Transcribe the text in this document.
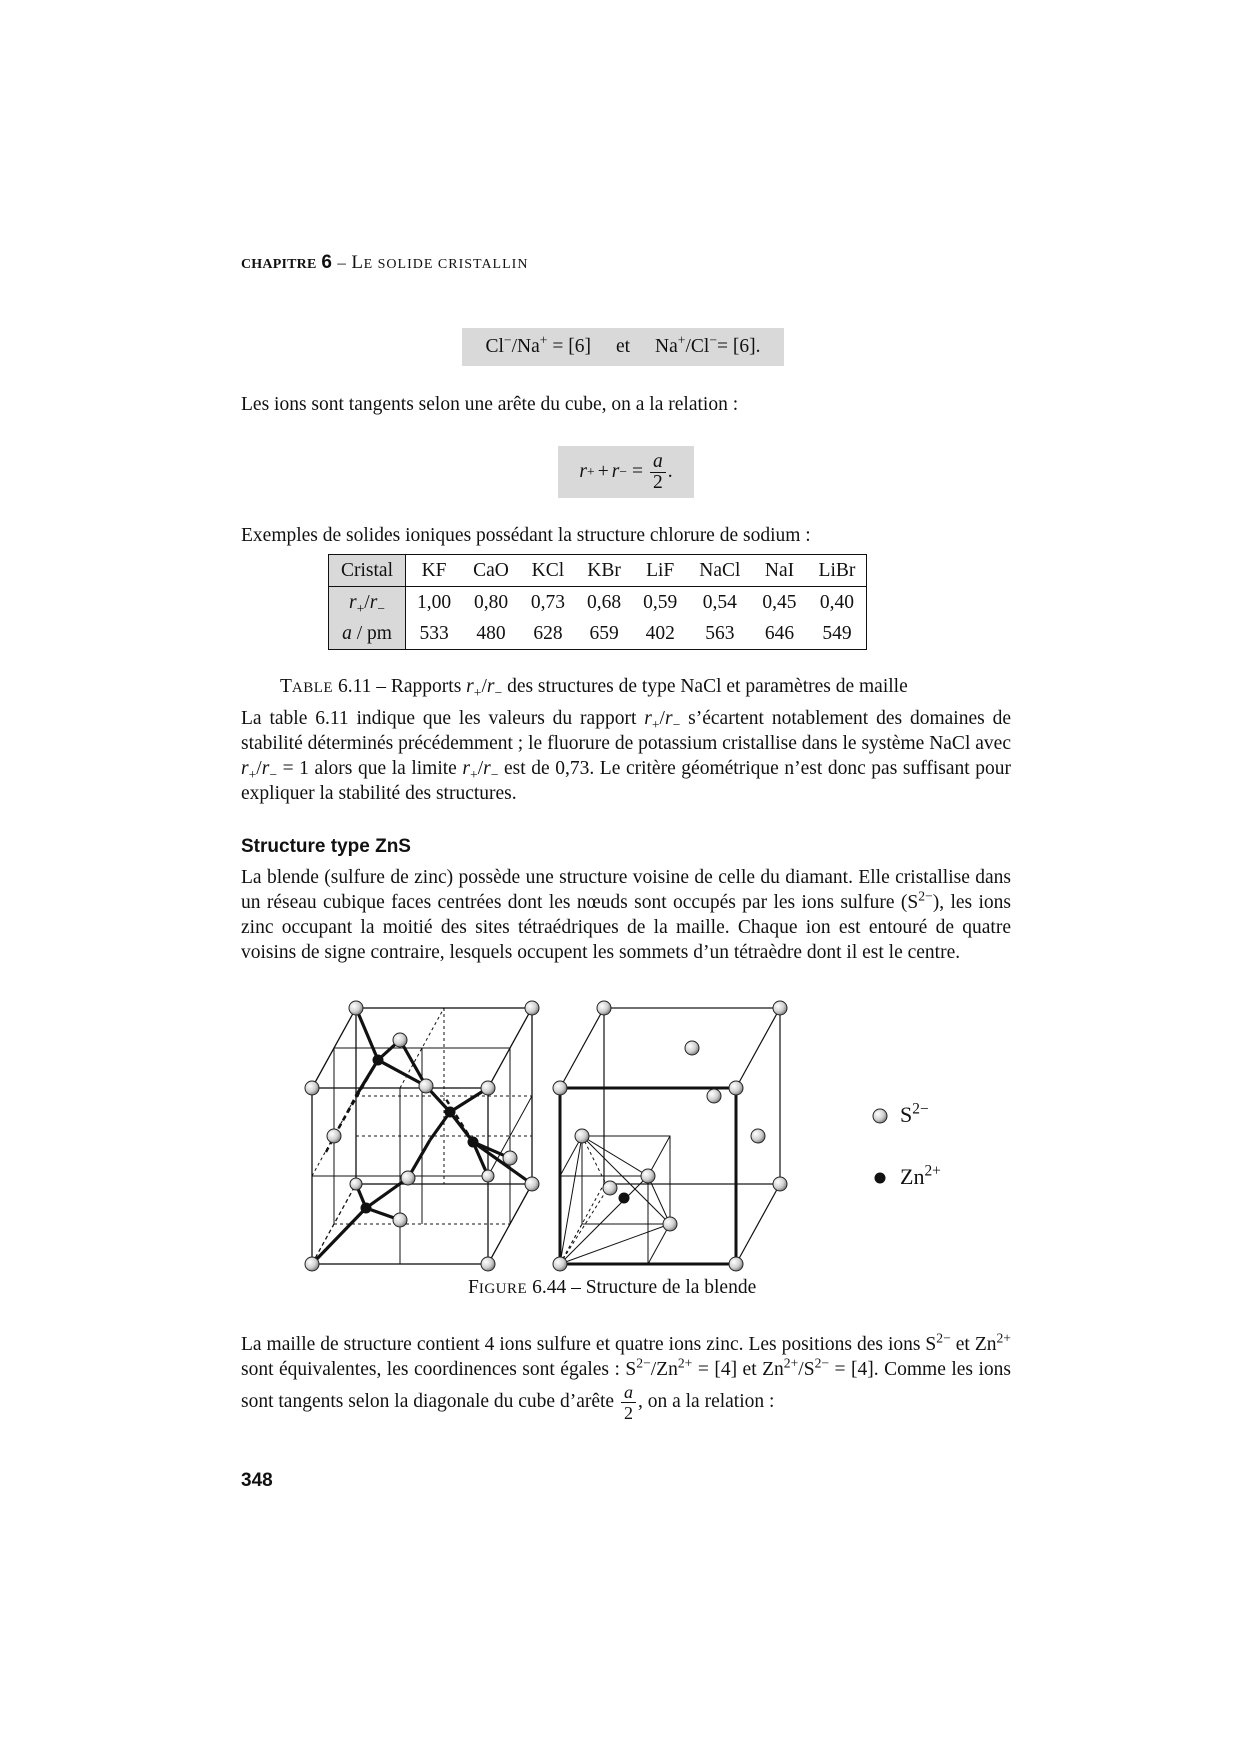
CHAPITRE 6 – LE SOLIDE CRISTALLIN
Cl−/Na+ = [6] et Na+/Cl−= [6].
Les ions sont tangents selon une arête du cube, on a la relation :
r + + r − = $\frac{a}{2}$ .
Exemples de solides ioniques possédant la structure chlorure de sodium :
Cristal	KF	CaO	KCl	KBr	LiF	NaCl	NaI	LiBr
$r_+/r_-$	1,00	0,80	0,73	0,68	0,59	0,54	0,45	0,40
a / pm	533	480	628	659	402	563	646	549
TABLE 6.11 – Rapports $r_+/r_-$ des structures de type NaCl et paramètres de maille
La table 6.11 indique que les valeurs du rapport $r_+/r_-$ s’écartent notablement des domaines de stabilité déterminés précédemment ; le fluorure de potassium cristallise dans le système NaCl avec $r_+/r_- = 1$ alors que la limite $r_+/r_-$ est de 0,73. Le critère géométrique n’est donc pas suffisant pour expliquer la stabilité des structures.
Structure type ZnS
La blende (sulfure de zinc) possède une structure voisine de celle du diamant. Elle cristallise dans un réseau cubique faces centrées dont les nœuds sont occupés par les ions sulfure $(S^{2-})$, les ions zinc occupant la moitié des sites tétraédriques de la maille. Chaque ion est entouré de quatre voisins de signe contraire, lesquels occupent les sommets d’un tétraèdre dont il est le centre.
$S^{2-}$
$Zn^{2+}$
FIGURE 6.44 – Structure de la blende
La maille de structure contient 4 ions sulfure et quatre ions zinc. Les positions des ions $S^{2-}$ et $Zn^{2+}$ sont équivalentes, les coordinences sont égales : $S^{2-}/Zn^{2+} = [4]$ et $Zn^{2+}/S^{2-} = [4]$. Comme les ions sont tangents selon la diagonale du cube d’arête $\frac{a}{2}$ , on a la relation :
348
